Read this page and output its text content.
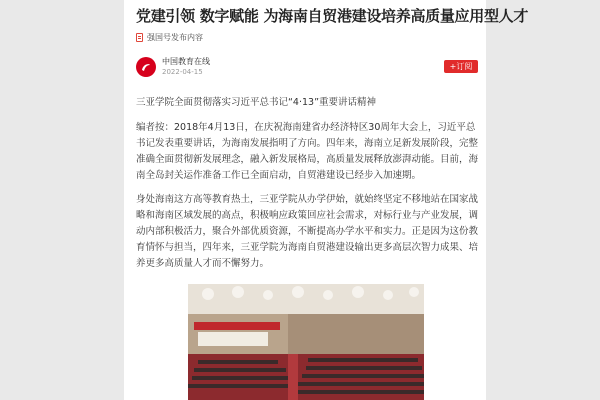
党建引领 数字赋能 为海南自贸港建设培养高质量应用型人才
强国号发布内容
中国教育在线
2022-04-15
+订阅
三亚学院全面贯彻落实习近平总书记“4·13”重要讲话精神

编者按：2018年4月13日，在庆祝海南建省办经济特区30周年大会上，习近平总书记发表重要讲话，为海南发展指明了方向。四年来，海南立足新发展阶段，完整准确全面贯彻新发展理念，融入新发展格局，高质量发展释放澎湃动能。目前，海南全岛封关运作准备工作已全面启动，自贸港建设已经步入加速期。

身处海南这方高等教育热土，三亚学院从办学伊始，就始终坚定不移地站在国家战略和海南区域发展的高点，积极响应政策回应社会需求，对标行业与产业发展，调动内部积极活力，聚合外部优质资源，不断提高办学水平和实力。正是因为这份教育情怀与担当，四年来，三亚学院为海南自贸港建设输出更多高层次智力成果、培养更多高质量人才而不懈努力。
